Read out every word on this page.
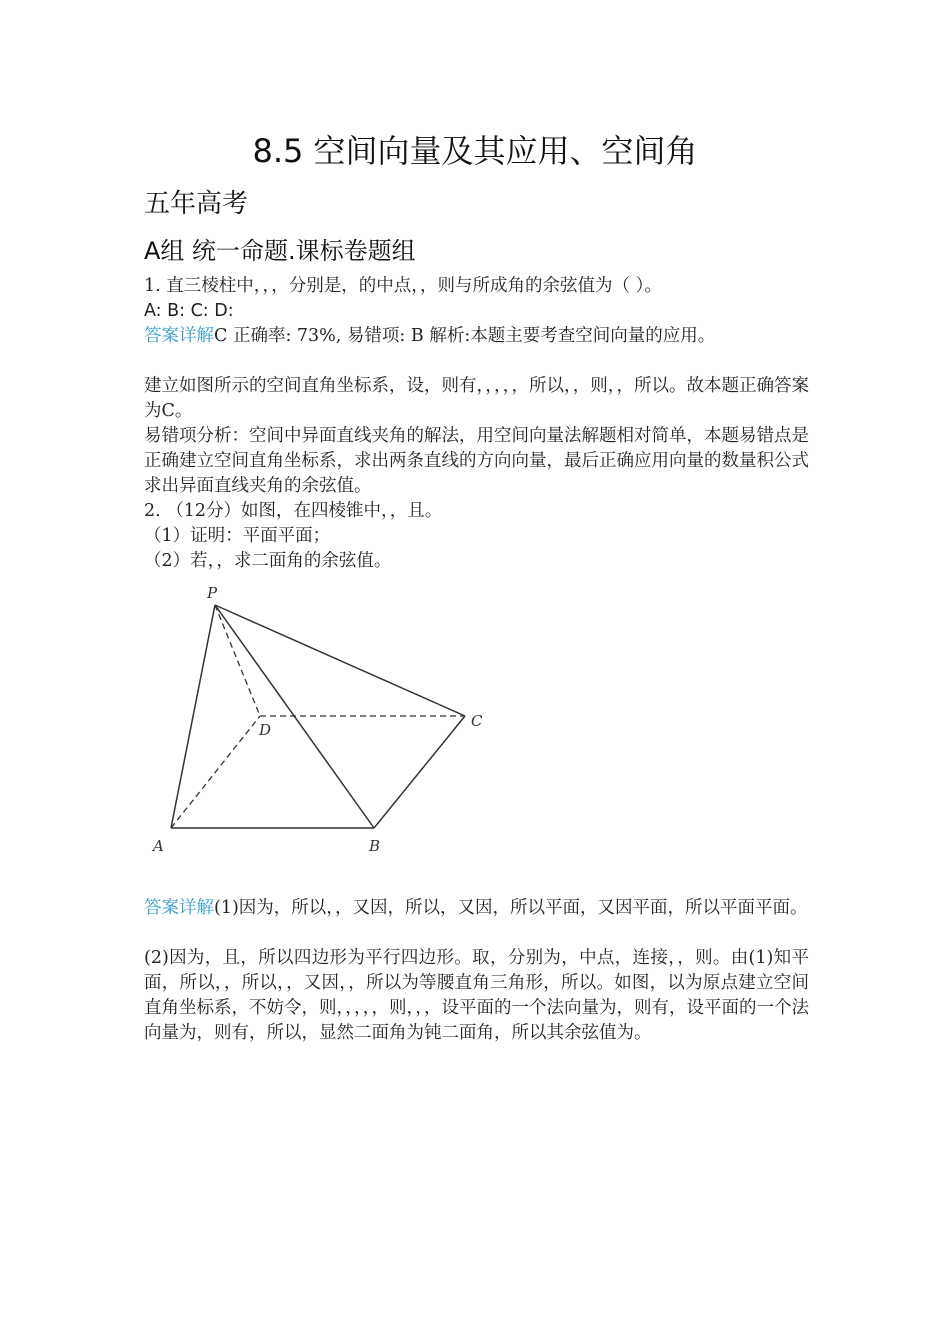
8.5 空间向量及其应用、空间角
五年高考
A组 统一命题.课标卷题组
1. 直三棱柱中，，，分别是，的中点，，则与所成角的余弦值为（ ）。
A: B: C: D:
答案详解C 正确率: 73%, 易错项: B 解析:本题主要考查空间向量的应用。
建立如图所示的空间直角坐标系，设，则有，，，，，所以，，则，，所以。故本题正确答案为C。
易错项分析：空间中异面直线夹角的解法，用空间向量法解题相对简单，本题易错点是正确建立空间直角坐标系，求出两条直线的方向向量，最后正确应用向量的数量积公式求出异面直线夹角的余弦值。
2. （12分）如图，在四棱锥中，，且。
（1）证明：平面平面；
（2）若，，求二面角的余弦值。
P
D	C
A	B
答案详解(1)因为，所以，，又因，所以，又因，所以平面，又因平面，所以平面平面。
(2)因为，且，所以四边形为平行四边形。取，分别为，中点，连接，，则。由(1)知平面，所以，，所以，，又因，，所以为等腰直角三角形，所以。如图，以为原点建立空间直角坐标系，不妨令，则，，，，，则，，，设平面的一个法向量为，则有，设平面的一个法向量为，则有，所以，显然二面角为钝二面角，所以其余弦值为。
